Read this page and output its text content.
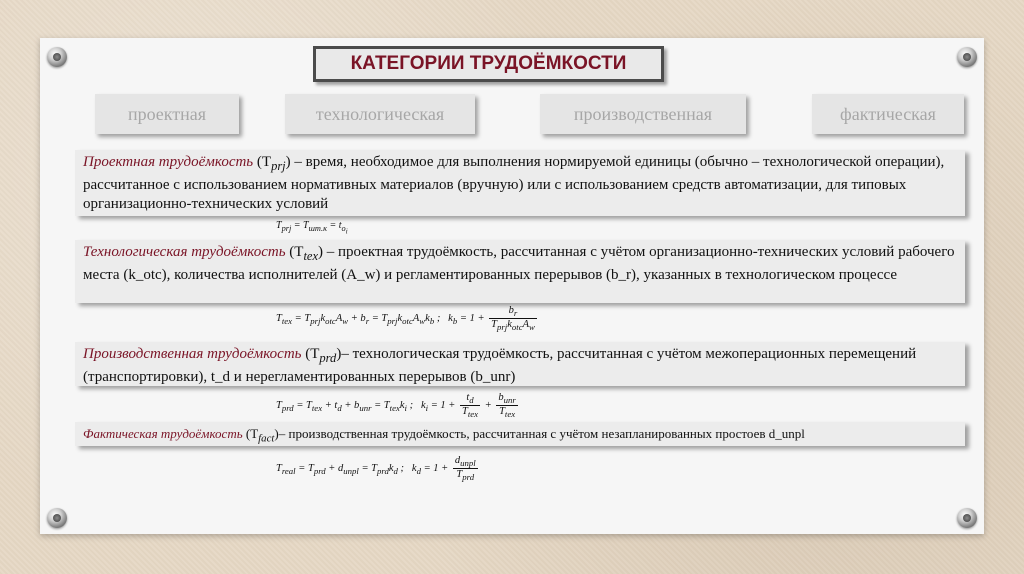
КАТЕГОРИИ ТРУДОЁМКОСТИ
проектная	технологическая	производственная	фактическая
Проектная трудоёмкость $(T_{prj})$ – время, необходимое для выполнения нормируемой единицы (обычно – технологической операции), рассчитанное с использованием нормативных материалов (вручную) или с использованием средств автоматизации, для типовых организационно-технических условий
$T_{prj} = T_{шт.к} = t_{o_i}$
Технологическая трудоёмкость $(T_{tex})$ – проектная трудоёмкость, рассчитанная с учётом организационно-технических условий рабочего места (k_otc), количества исполнителей (A_w) и регламентированных перерывов (b_r), указанных в технологическом процессе
$T_{tex} = T_{prj}k_{otc}A_w + b_r = T_{prj}k_{otc}A_wk_b$ ;   $k_b = 1 + \frac{b_r}{T_{prj}k_{otc}A_w}$
Производственная трудоёмкость $(T_{prd})-$ технологическая трудоёмкость, рассчитанная с учётом межоперационных перемещений (транспортировки), t_d и нерегламентированных перерывов (b_unr)
$T_{prd} = T_{tex} + t_d + b_{unr} = T_{tex}k_i$ ;   $k_i = 1 + \frac{t_d}{T_{tex}} + \frac{b_{unr}}{T_{tex}}$
Фактическая трудоёмкость $(T_{fact})-$ производственная трудоёмкость, рассчитанная с учётом незапланированных простоев d_unpl
$T_{real} = T_{prd} + d_{unpl} = T_{prd}k_d$ ;   $k_d = 1 + \frac{d_{unpl}}{T_{prd}}$
